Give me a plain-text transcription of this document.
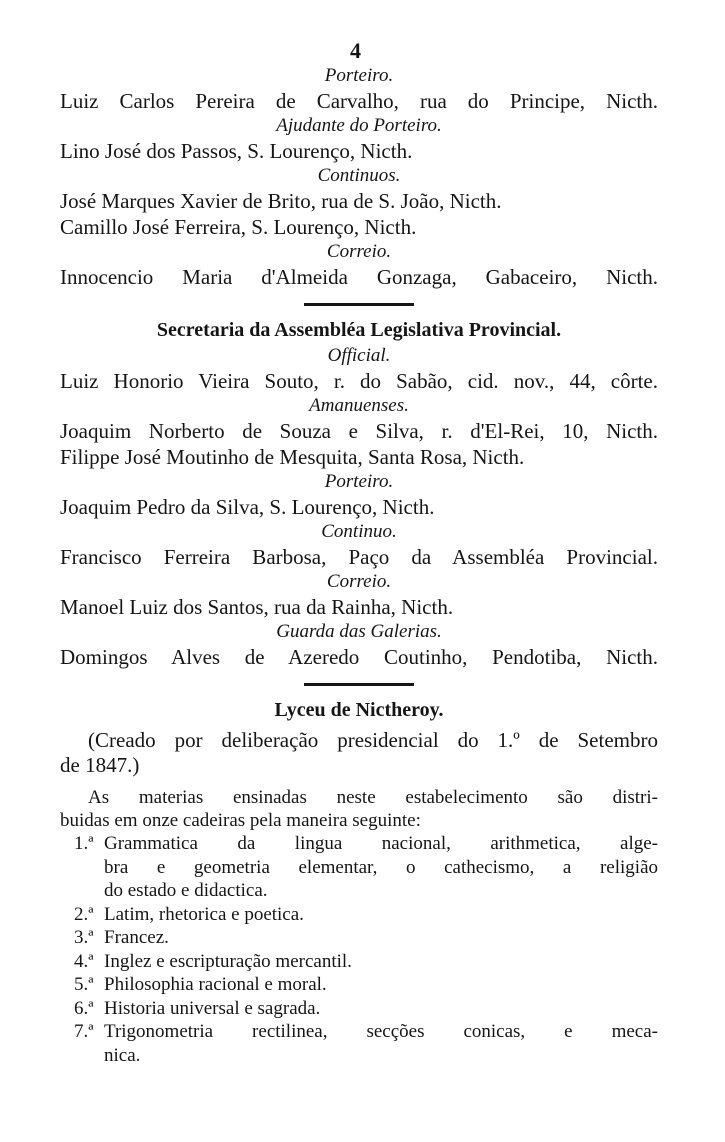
4
Porteiro.
Luiz Carlos Pereira de Carvalho, rua do Principe, Nicth.
Ajudante do Porteiro.
Lino José dos Passos, S. Lourenço, Nicth.
Continuos.
José Marques Xavier de Brito, rua de S. João, Nicth.
Camillo José Ferreira, S. Lourenço, Nicth.
Correio.
Innocencio Maria d'Almeida Gonzaga, Gabaceiro, Nicth.
Secretaria da Assembléa Legislativa Provincial.
Official.
Luiz Honorio Vieira Souto, r. do Sabão, cid. nov., 44, côrte.
Amanuenses.
Joaquim Norberto de Souza e Silva, r. d'El-Rei, 10, Nicth.
Filippe José Moutinho de Mesquita, Santa Rosa, Nicth.
Porteiro.
Joaquim Pedro da Silva, S. Lourenço, Nicth.
Continuo.
Francisco Ferreira Barbosa, Paço da Assembléa Provincial.
Correio.
Manoel Luiz dos Santos, rua da Rainha, Nicth.
Guarda das Galerias.
Domingos Alves de Azeredo Coutinho, Pendotiba, Nicth.
Lyceu de Nictheroy.
(Creado por deliberação presidencial do 1.º de Setembro
de 1847.)
As materias ensinadas neste estabelecimento são distri-
buidas em onze cadeiras pela maneira seguinte:
1.ª Grammatica da lingua nacional, arithmetica, alge-
bra e geometria elementar, o cathecismo, a religião
do estado e didactica.
2.ª Latim, rhetorica e poetica.
3.ª Francez.
4.ª Inglez e escripturação mercantil.
5.ª Philosophia racional e moral.
6.ª Historia universal e sagrada.
7.ª Trigonometria rectilinea, secções conicas, e meca-
nica.
